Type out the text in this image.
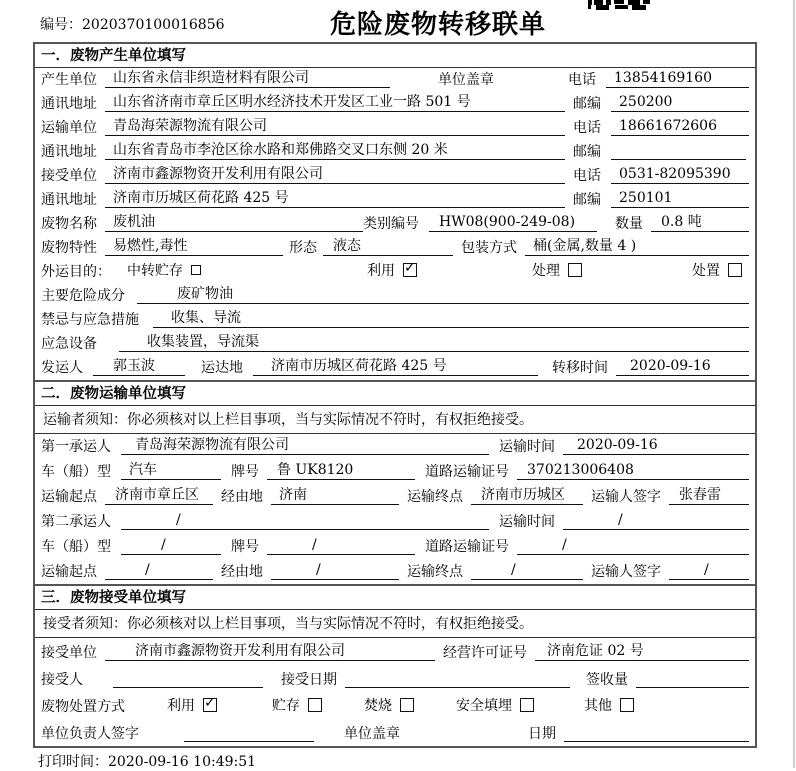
编号：2020370100016856	危险废物转移联单
一．废物产生单位填写
产生单位	山东省永信非织造材料有限公司	单位盖章	电话	13854169160
通讯地址	山东省济南市章丘区明水经济技术开发区工业一路 501 号	邮编	250200
运输单位	青岛海荣源物流有限公司	电话	18661672606
通讯地址	山东省青岛市李沧区徐水路和郑佛路交叉口东侧 20 米	邮编
接受单位	济南市鑫源物资开发利用有限公司	电话	0531-82095390
通讯地址	济南市历城区荷花路 425 号	邮编	250101
废物名称	废机油	类别编号	HW08(900-249-08)	数量	0.8 吨
废物特性	易燃性,毒性	形态	液态	包装方式	桶(金属,数量 4 )
外运目的：	中转贮存	利用 ✓	处理	处置
主要危险成分	废矿物油
禁忌与应急措施	收集、导流
应急设备	收集装置，导流渠
发运人	郭玉波	运达地	济南市历城区荷花路 425 号	转移时间	2020-09-16
二．废物运输单位填写
运输者须知：你必须核对以上栏目事项，当与实际情况不符时，有权拒绝接受。
第一承运人	青岛海荣源物流有限公司	运输时间	2020-09-16
车（船）型	汽车	牌号	鲁 UK8120	道路运输证号	370213006408
运输起点	济南市章丘区	经由地	济南	运输终点	济南市历城区	运输人签字	张春雷
第二承运人	/	运输时间	/
车（船）型	/	牌号	/	道路运输证号	/
运输起点	/	经由地	/	运输终点	/	运输人签字	/
三．废物接受单位填写
接受者须知：你必须核对以上栏目事项，当与实际情况不符时，有权拒绝接受。
接受单位	济南市鑫源物资开发利用有限公司	经营许可证号	济南危证 02 号
接受人	接受日期	签收量
废物处置方式	利用 ✓	贮存	焚烧	安全填埋	其他
单位负责人签字	单位盖章	日期
打印时间：2020-09-16 10:49:51
